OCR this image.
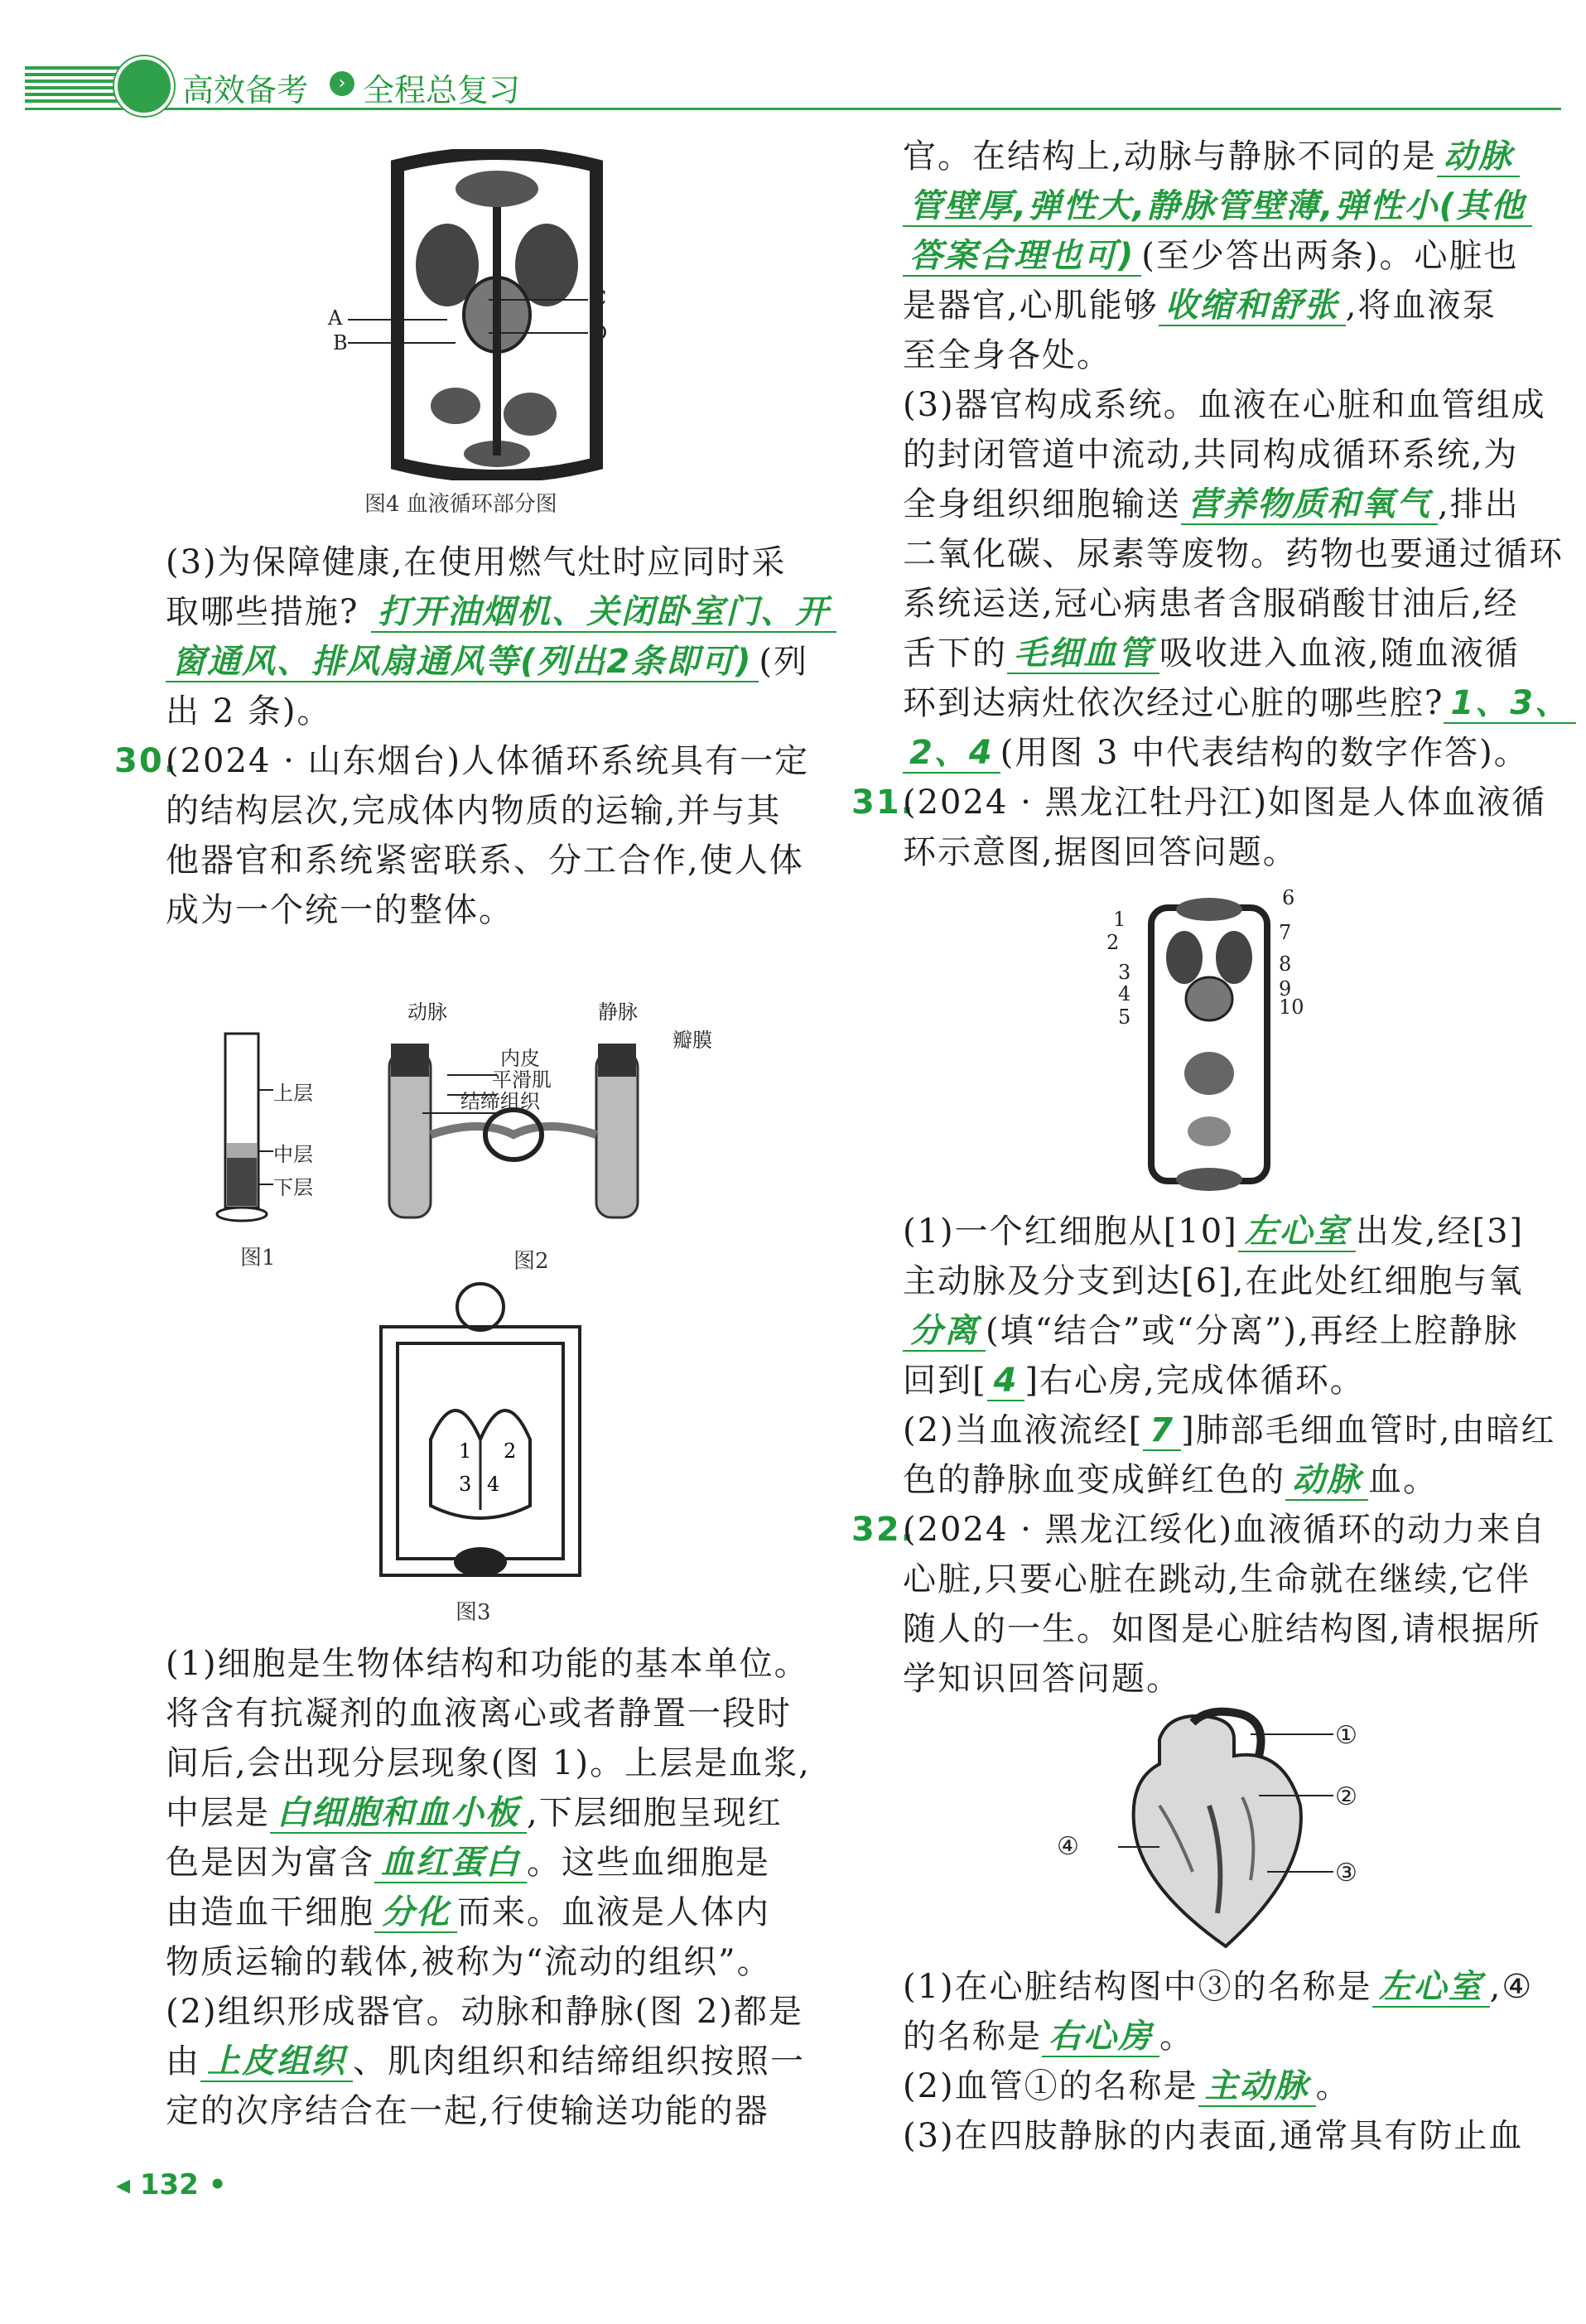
高效备考	› 全程总复习
A
B
C
D
图4 血液循环部分图
(3)为保障健康,在使用燃气灶时应同时采
取哪些措施? 打开油烟机、关闭卧室门、开
窗通风、排风扇通风等(列出2条即可) (列
出 2 条)。
30.
(2024 · 山东烟台)人体循环系统具有一定
的结构层次,完成体内物质的运输,并与其
他器官和系统紧密联系、分工合作,使人体
成为一个统一的整体。
上层
中层
下层
图1
动脉	静脉
瓣膜
内皮
平滑肌
结缔组织
图2
3 4
1 2
图3
(1)细胞是生物体结构和功能的基本单位。
将含有抗凝剂的血液离心或者静置一段时
间后,会出现分层现象(图 1)。上层是血浆,
中层是 白细胞和血小板 ,下层细胞呈现红
色是因为富含 血红蛋白 。这些血细胞是
由造血干细胞 分化 而来。血液是人体内
物质运输的载体,被称为“流动的组织”。
(2)组织形成器官。动脉和静脉(图 2)都是
由 上皮组织 、肌肉组织和结缔组织按照一
定的次序结合在一起,行使输送功能的器
◂ 132 •
官。在结构上,动脉与静脉不同的是 动脉
管壁厚,弹性大,静脉管壁薄,弹性小(其他
答案合理也可) (至少答出两条)。心脏也
是器官,心肌能够 收缩和舒张 ,将血液泵
至全身各处。
(3)器官构成系统。血液在心脏和血管组成
的封闭管道中流动,共同构成循环系统,为
全身组织细胞输送 营养物质和氧气 ,排出
二氧化碳、尿素等废物。药物也要通过循环
系统运送,冠心病患者含服硝酸甘油后,经
舌下的 毛细血管 吸收进入血液,随血液循
环到达病灶依次经过心脏的哪些腔? 1、3、
2、4 (用图 3 中代表结构的数字作答)。
31.
(2024 · 黑龙江牡丹江)如图是人体血液循
环示意图,据图回答问题。
1
2
3
4
5
6
7
8
9
10
(1)一个红细胞从[10] 左心室 出发,经[3]
主动脉及分支到达[6],在此处红细胞与氧
分离 (填“结合”或“分离”),再经上腔静脉
回到[ 4 ]右心房,完成体循环。
(2)当血液流经[ 7 ]肺部毛细血管时,由暗红
色的静脉血变成鲜红色的 动脉 血。
32.
(2024 · 黑龙江绥化)血液循环的动力来自
心脏,只要心脏在跳动,生命就在继续,它伴
随人的一生。如图是心脏结构图,请根据所
学知识回答问题。
①
②
③
④
(1)在心脏结构图中③的名称是 左心室 ,④
的名称是 右心房 。
(2)血管①的名称是 主动脉 。
(3)在四肢静脉的内表面,通常具有防止血
